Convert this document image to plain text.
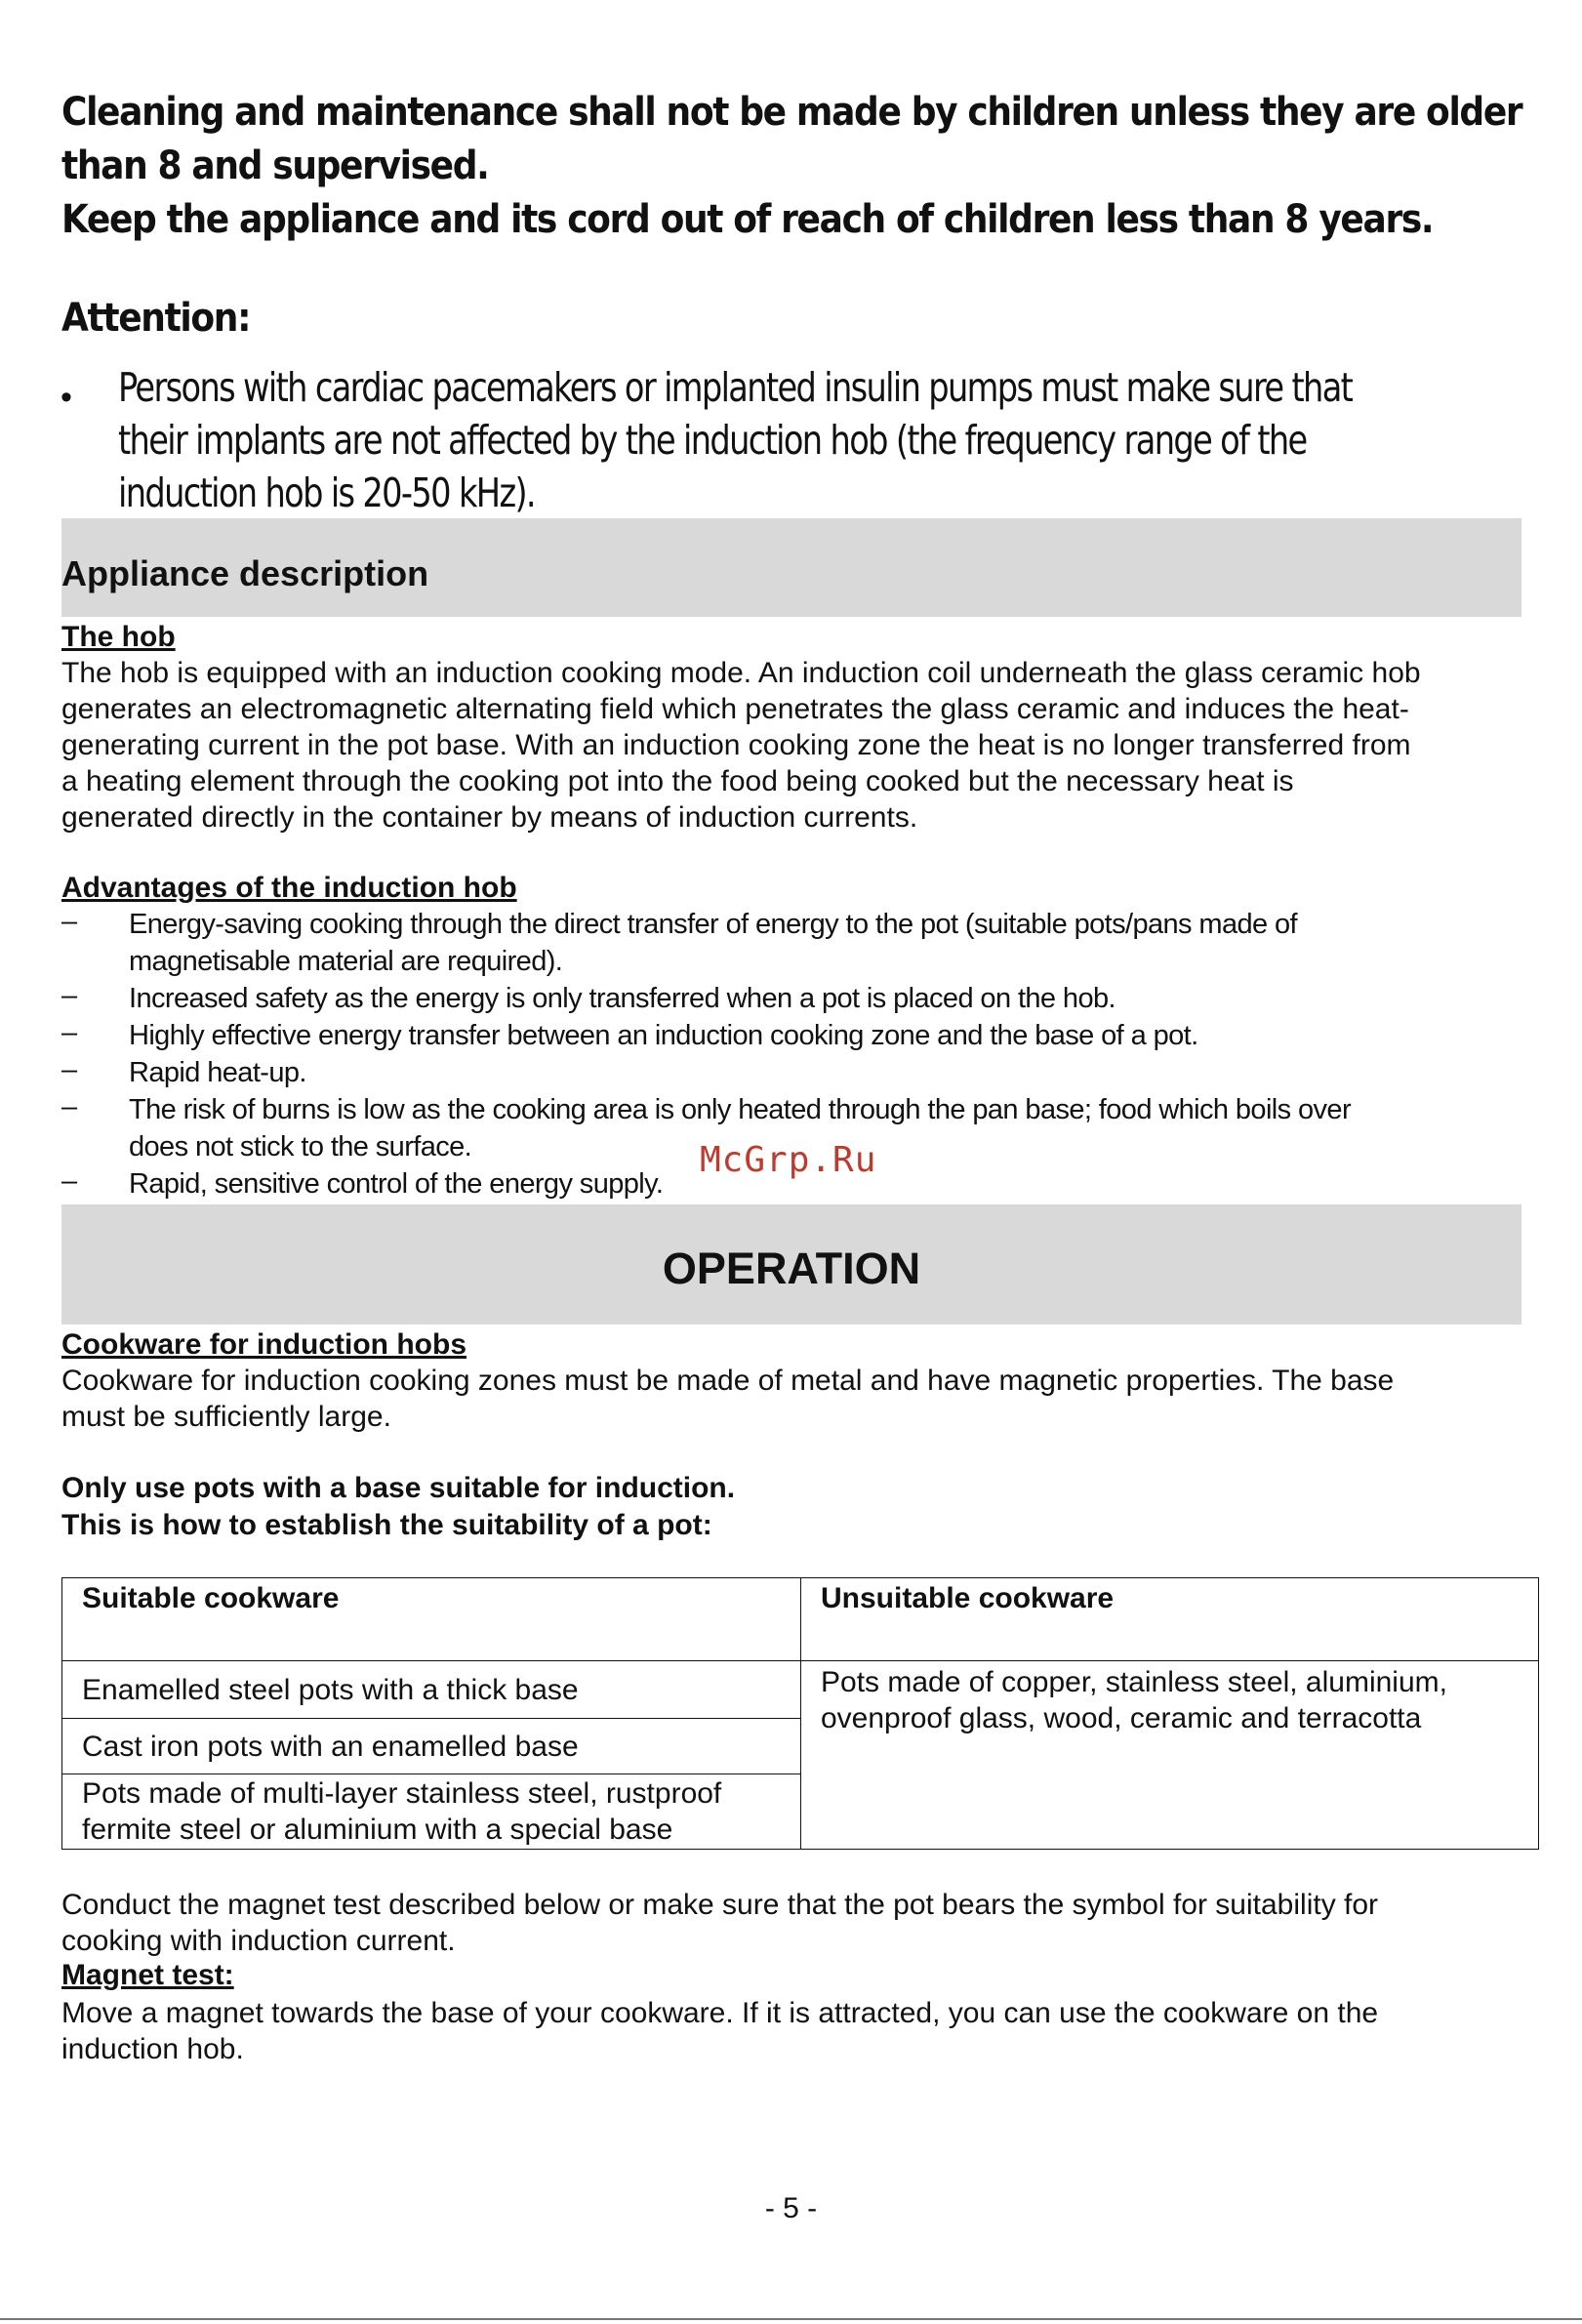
Cleaning and maintenance shall not be made by children unless they are older
than 8 and supervised.
Keep the appliance and its cord out of reach of children less than 8 years.
Attention:
• Persons with cardiac pacemakers or implanted insulin pumps must make sure that
their implants are not affected by the induction hob (the frequency range of the
induction hob is 20-50 kHz).
Appliance description
The hob
The hob is equipped with an induction cooking mode. An induction coil underneath the glass ceramic hob
generates an electromagnetic alternating field which penetrates the glass ceramic and induces the heat-
generating current in the pot base. With an induction cooking zone the heat is no longer transferred from
a heating element through the cooking pot into the food being cooked but the necessary heat is
generated directly in the container by means of induction currents.
Advantages of the induction hob
– Energy-saving cooking through the direct transfer of energy to the pot (suitable pots/pans made of
magnetisable material are required).
– Increased safety as the energy is only transferred when a pot is placed on the hob.
– Highly effective energy transfer between an induction cooking zone and the base of a pot.
– Rapid heat-up.
– The risk of burns is low as the cooking area is only heated through the pan base; food which boils over
does not stick to the surface.
– Rapid, sensitive control of the energy supply.
McGrp.Ru
OPERATION
Cookware for induction hobs
Cookware for induction cooking zones must be made of metal and have magnetic properties. The base
must be sufficiently large.
Only use pots with a base suitable for induction.
This is how to establish the suitability of a pot:
Suitable cookware	Unsuitable cookware
Enamelled steel pots with a thick base	Pots made of copper, stainless steel, aluminium, ovenproof glass, wood, ceramic and terracotta
Cast iron pots with an enamelled base	
Pots made of multi-layer stainless steel, rustproof fermite steel or aluminium with a special base	
Conduct the magnet test described below or make sure that the pot bears the symbol for suitability for
cooking with induction current.
Magnet test:
Move a magnet towards the base of your cookware. If it is attracted, you can use the cookware on the
induction hob.
- 5 -
